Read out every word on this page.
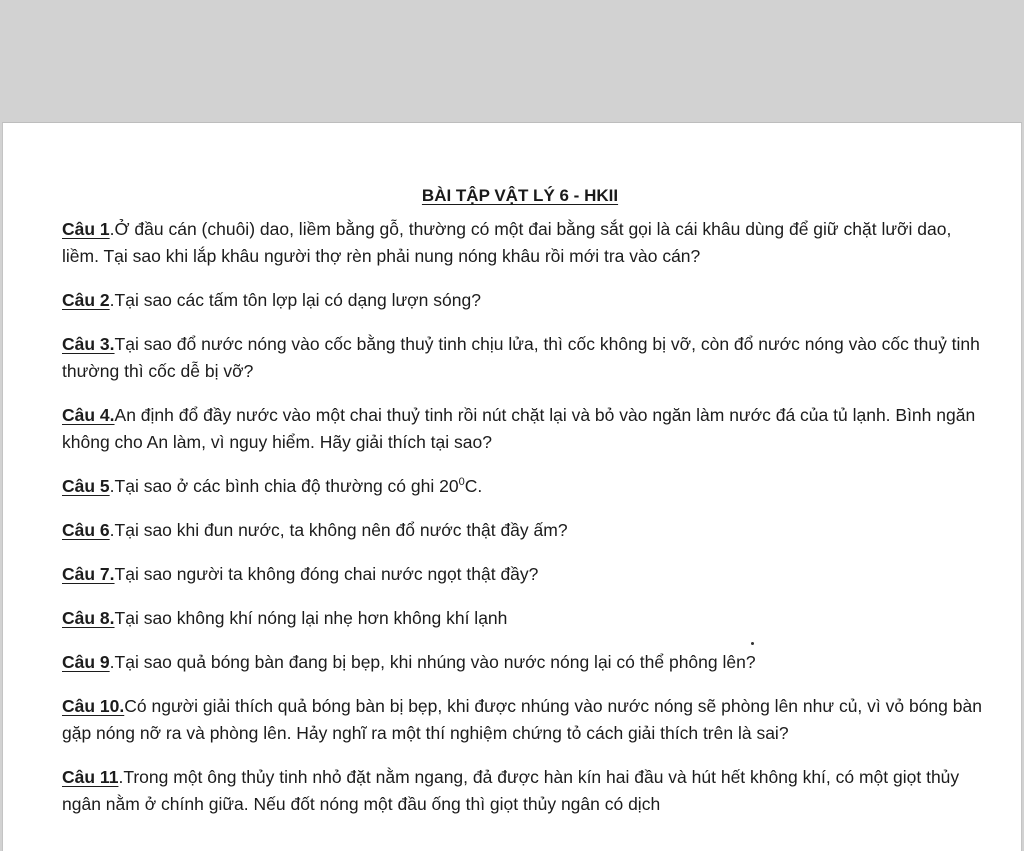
BÀI TẬP VẬT LÝ 6 - HKII

Câu 1.Ở đầu cán (chuôi) dao, liềm bằng gỗ, thường có một đai bằng sắt gọi là cái khâu dùng để giữ chặt lưỡi dao, liềm. Tại sao khi lắp khâu người thợ rèn phải nung nóng khâu rồi mới tra vào cán?

Câu 2.Tại sao các tấm tôn lợp lại có dạng lượn sóng?

Câu 3.Tại sao đổ nước nóng vào cốc bằng thuỷ tinh chịu lửa, thì cốc không bị vỡ, còn đổ nước nóng vào cốc thuỷ tinh thường thì cốc dễ bị vỡ?

Câu 4.An định đổ đầy nước vào một chai thuỷ tinh rồi nút chặt lại và bỏ vào ngăn làm nước đá của tủ lạnh. Bình ngăn không cho An làm, vì nguy hiểm. Hãy giải thích tại sao?

Câu 5.Tại sao ở các bình chia độ thường có ghi $20^0C$.

Câu 6.Tại sao khi đun nước, ta không nên đổ nước thật đầy ấm?

Câu 7.Tại sao người ta không đóng chai nước ngọt thật đầy?

Câu 8.Tại sao không khí nóng lại nhẹ hơn không khí lạnh

Câu 9.Tại sao quả bóng bàn đang bị bẹp, khi nhúng vào nước nóng lại có thể phông lên?

Câu 10.Có người giải thích quả bóng bàn bị bẹp, khi được nhúng vào nước nóng sẽ phòng lên như củ, vì vỏ bóng bàn gặp nóng nỡ ra và phòng lên. Hảy nghĩ ra một thí nghiệm chứng tỏ cách giải thích trên là sai?

Câu 11.Trong một ông thủy tinh nhỏ đặt nằm ngang, đả được hàn kín hai đầu và hút hết không khí, có một giọt thủy ngân nằm ở chính giữa. Nếu đốt nóng một đầu ống thì giọt thủy ngân có dịch
